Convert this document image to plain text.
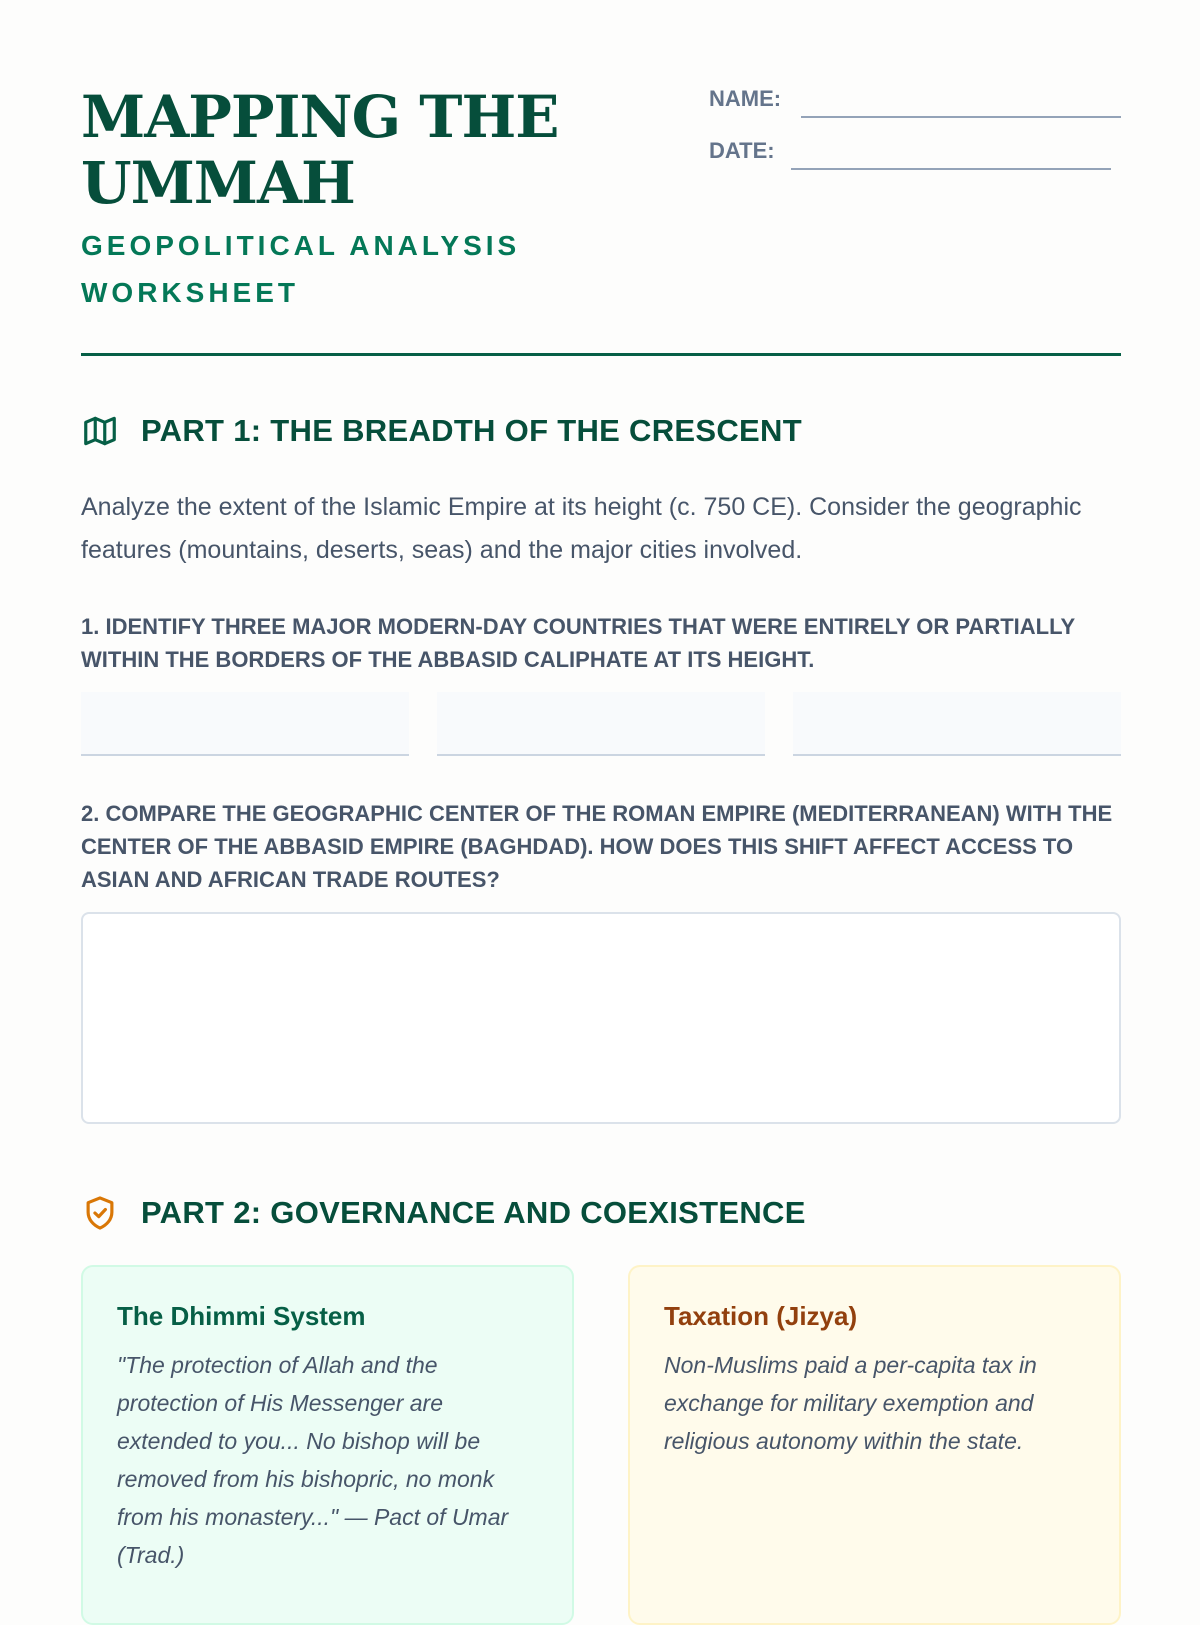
MAPPING THE UMMAH

GEOPOLITICAL ANALYSIS WORKSHEET

NAME:
DATE:
PART 1: THE BREADTH OF THE CRESCENT

Analyze the extent of the Islamic Empire at its height (c. 750 CE). Consider the geographic features (mountains, deserts, seas) and the major cities involved.

1. IDENTIFY THREE MAJOR MODERN-DAY COUNTRIES THAT WERE ENTIRELY OR PARTIALLY WITHIN THE BORDERS OF THE ABBASID CALIPHATE AT ITS HEIGHT.

2. COMPARE THE GEOGRAPHIC CENTER OF THE ROMAN EMPIRE (MEDITERRANEAN) WITH THE CENTER OF THE ABBASID EMPIRE (BAGHDAD). HOW DOES THIS SHIFT AFFECT ACCESS TO ASIAN AND AFRICAN TRADE ROUTES?

PART 2: GOVERNANCE AND COEXISTENCE
The Dhimmi System

"The protection of Allah and the protection of His Messenger are extended to you... No bishop will be removed from his bishopric, no monk from his monastery..." — Pact of Umar (Trad.)

Taxation (Jizya)

Non-Muslims paid a per-capita tax in exchange for military exemption and religious autonomy within the state.
